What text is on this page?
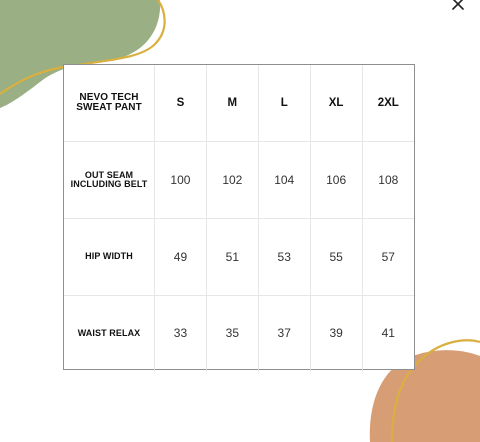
NEVO TECH SWEAT PANT	S	M	L	XL	2XL
OUT SEAM INCLUDING BELT	100	102	104	106	108
HIP WIDTH	49	51	53	55	57
WAIST RELAX	33	35	37	39	41
